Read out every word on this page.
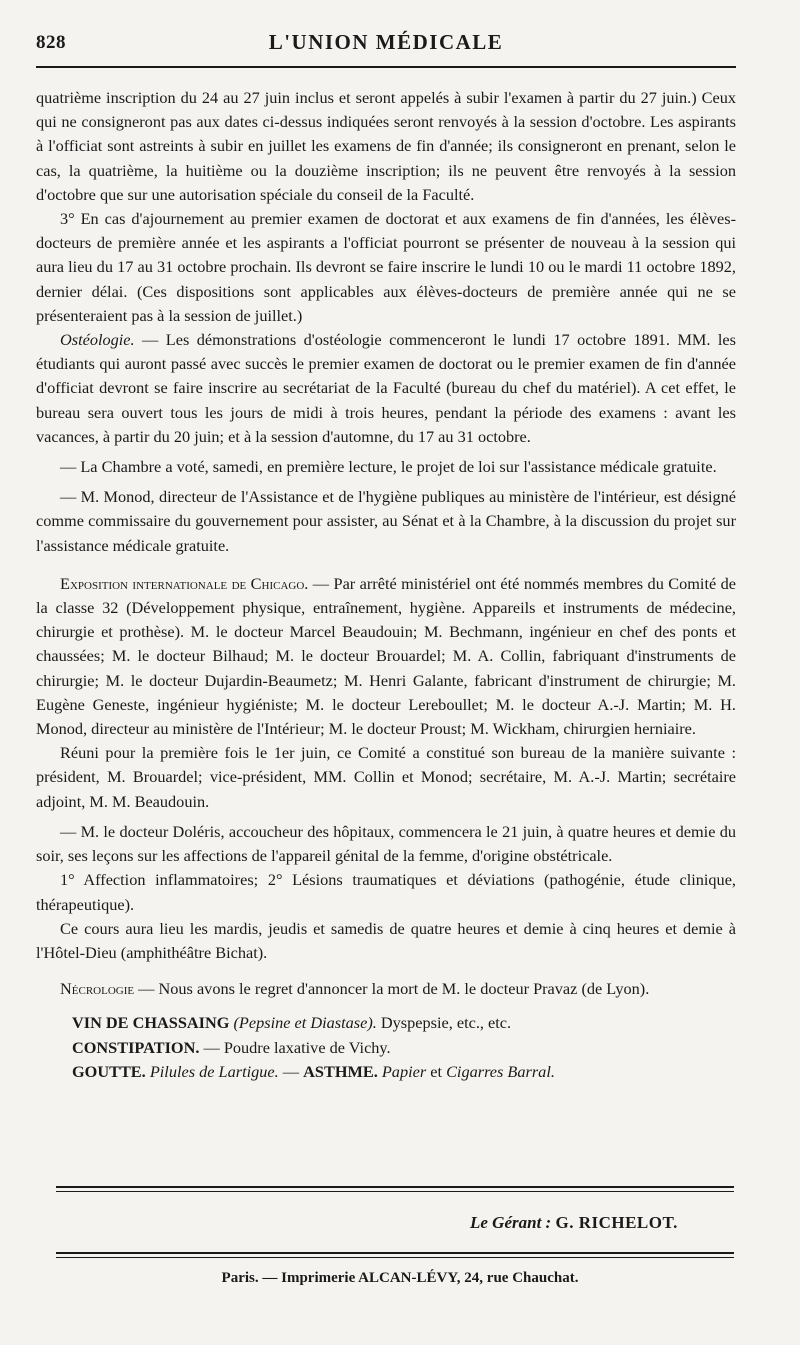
828	L'UNION MÉDICALE

quatrième inscription du 24 au 27 juin inclus et seront appelés à subir l'examen à partir du 27 juin.) Ceux qui ne consigneront pas aux dates ci-dessus indiquées seront renvoyés à la session d'octobre. Les aspirants à l'officiat sont astreints à subir en juillet les examens de fin d'année; ils consigneront en prenant, selon le cas, la quatrième, la huitième ou la douzième inscription; ils ne peuvent être renvoyés à la session d'octobre que sur une autorisation spéciale du conseil de la Faculté.

3° En cas d'ajournement au premier examen de doctorat et aux examens de fin d'années, les élèves-docteurs de première année et les aspirants a l'officiat pourront se présenter de nouveau à la session qui aura lieu du 17 au 31 octobre prochain. Ils devront se faire inscrire le lundi 10 ou le mardi 11 octobre 1892, dernier délai. (Ces dispositions sont applicables aux élèves-docteurs de première année qui ne se présenteraient pas à la session de juillet.)

Ostéologie. — Les démonstrations d'ostéologie commenceront le lundi 17 octobre 1891. MM. les étudiants qui auront passé avec succès le premier examen de doctorat ou le premier examen de fin d'année d'officiat devront se faire inscrire au secrétariat de la Faculté (bureau du chef du matériel). A cet effet, le bureau sera ouvert tous les jours de midi à trois heures, pendant la période des examens : avant les vacances, à partir du 20 juin; et à la session d'automne, du 17 au 31 octobre.

— La Chambre a voté, samedi, en première lecture, le projet de loi sur l'assistance médicale gratuite.

— M. Monod, directeur de l'Assistance et de l'hygiène publiques au ministère de l'intérieur, est désigné comme commissaire du gouvernement pour assister, au Sénat et à la Chambre, à la discussion du projet sur l'assistance médicale gratuite.

Exposition internationale de Chicago. — Par arrêté ministériel ont été nommés membres du Comité de la classe 32 (Développement physique, entraînement, hygiène. Appareils et instruments de médecine, chirurgie et prothèse). M. le docteur Marcel Beaudouin; M. Bechmann, ingénieur en chef des ponts et chaussées; M. le docteur Bilhaud; M. le docteur Brouardel; M. A. Collin, fabriquant d'instruments de chirurgie; M. le docteur Dujardin-Beaumetz; M. Henri Galante, fabricant d'instrument de chirurgie; M. Eugène Geneste, ingénieur hygiéniste; M. le docteur Lereboullet; M. le docteur A.-J. Martin; M. H. Monod, directeur au ministère de l'Intérieur; M. le docteur Proust; M. Wickham, chirurgien herniaire.

Réuni pour la première fois le 1er juin, ce Comité a constitué son bureau de la manière suivante : président, M. Brouardel; vice-président, MM. Collin et Monod; secrétaire, M. A.-J. Martin; secrétaire adjoint, M. M. Beaudouin.

— M. le docteur Doléris, accoucheur des hôpitaux, commencera le 21 juin, à quatre heures et demie du soir, ses leçons sur les affections de l'appareil génital de la femme, d'origine obstétricale.

1° Affection inflammatoires; 2° Lésions traumatiques et déviations (pathogénie, étude clinique, thérapeutique).

Ce cours aura lieu les mardis, jeudis et samedis de quatre heures et demie à cinq heures et demie à l'Hôtel-Dieu (amphithéâtre Bichat).

Nécrologie — Nous avons le regret d'annoncer la mort de M. le docteur Pravaz (de Lyon).

VIN DE CHASSAING (Pepsine et Diastase). Dyspepsie, etc., etc.

CONSTIPATION. — Poudre laxative de Vichy.

GOUTTE. Pilules de Lartigue. — ASTHME. Papier et Cigarres Barral.

Le Gérant : G. RICHELOT.
Paris. — Imprimerie ALCAN-LÉVY, 24, rue Chauchat.
